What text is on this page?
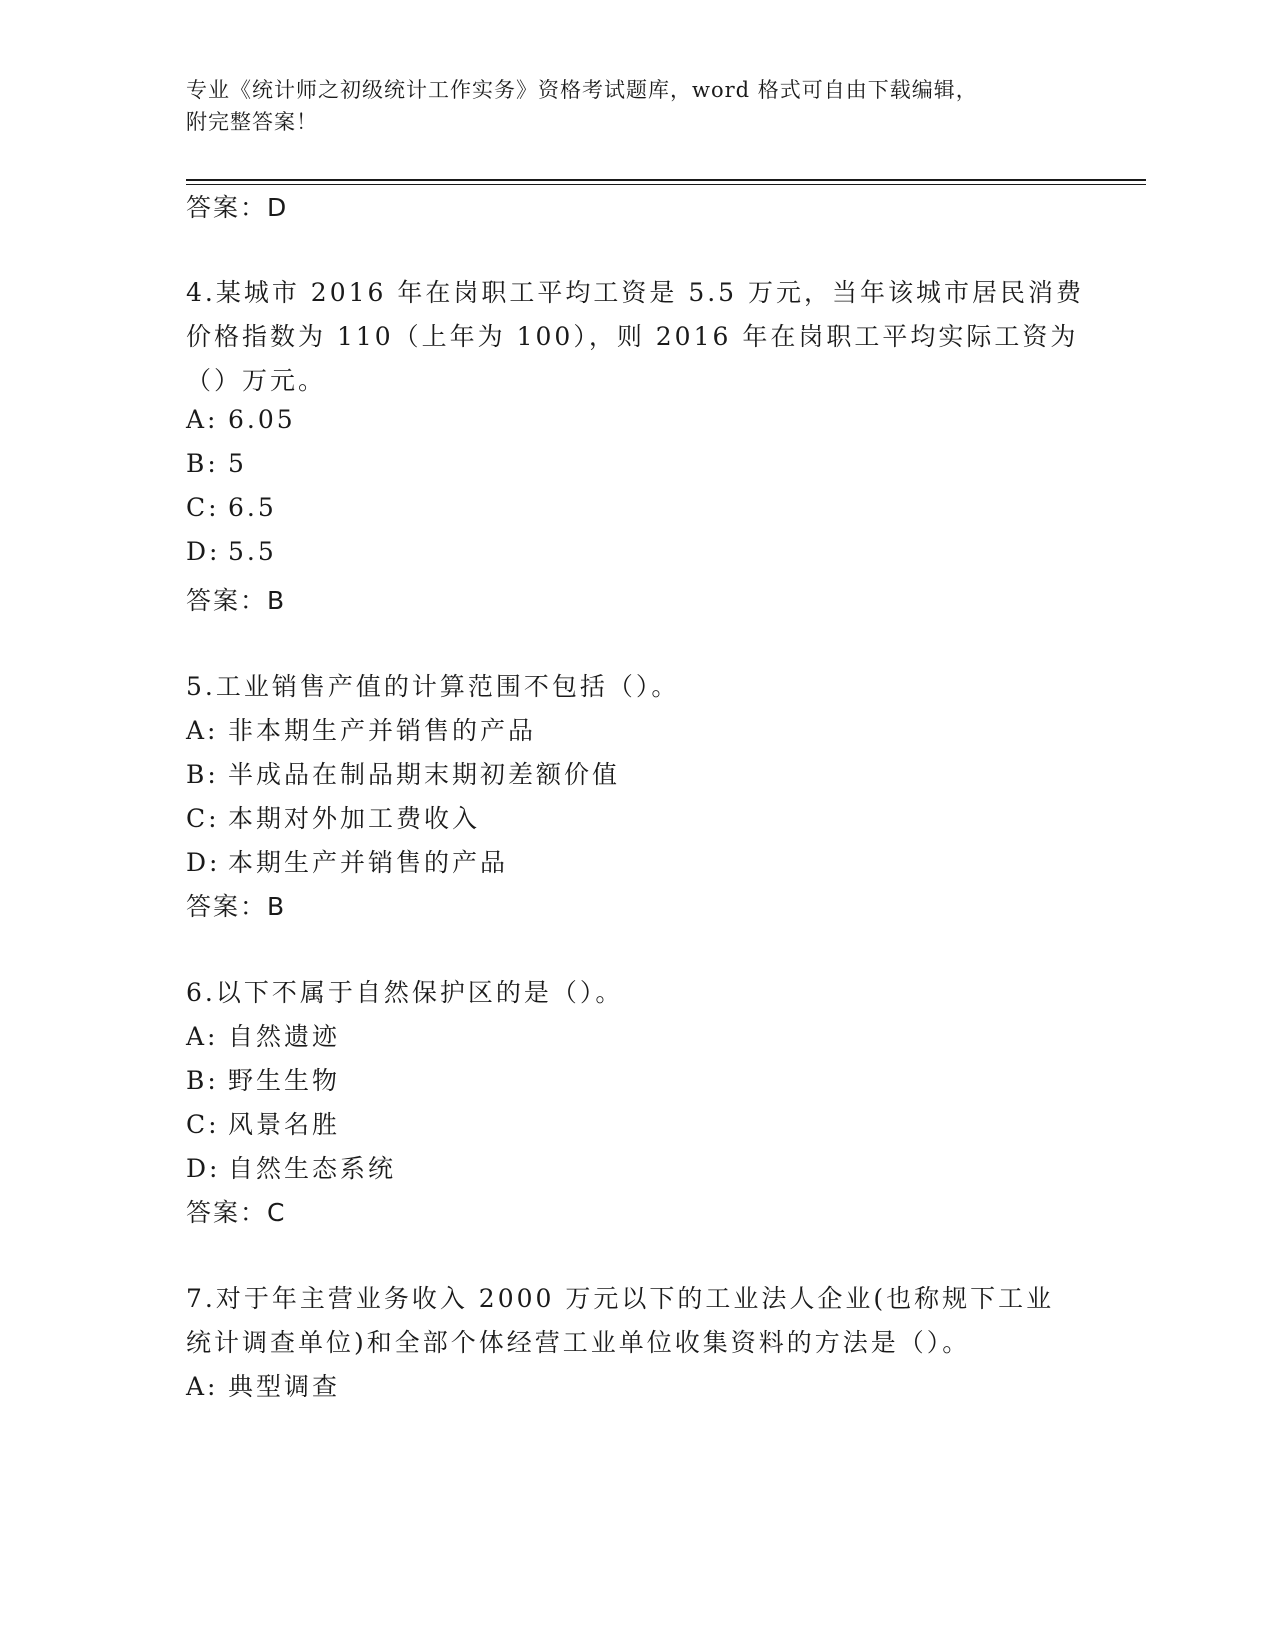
专业《统计师之初级统计工作实务》资格考试题库，word 格式可自由下载编辑，
附完整答案！
答案：D
4.某城市 2016 年在岗职工平均工资是 5.5 万元，当年该城市居民消费
价格指数为 110（上年为 100），则 2016 年在岗职工平均实际工资为
（）万元。
A: 6.05
B: 5
C: 6.5
D: 5.5
答案：B
5.工业销售产值的计算范围不包括（）。
A: 非本期生产并销售的产品
B: 半成品在制品期末期初差额价值
C: 本期对外加工费收入
D: 本期生产并销售的产品
答案：B
6.以下不属于自然保护区的是（）。
A: 自然遗迹
B: 野生生物
C: 风景名胜
D: 自然生态系统
答案：C
7.对于年主营业务收入 2000 万元以下的工业法人企业(也称规下工业
统计调查单位)和全部个体经营工业单位收集资料的方法是（）。
A: 典型调查
